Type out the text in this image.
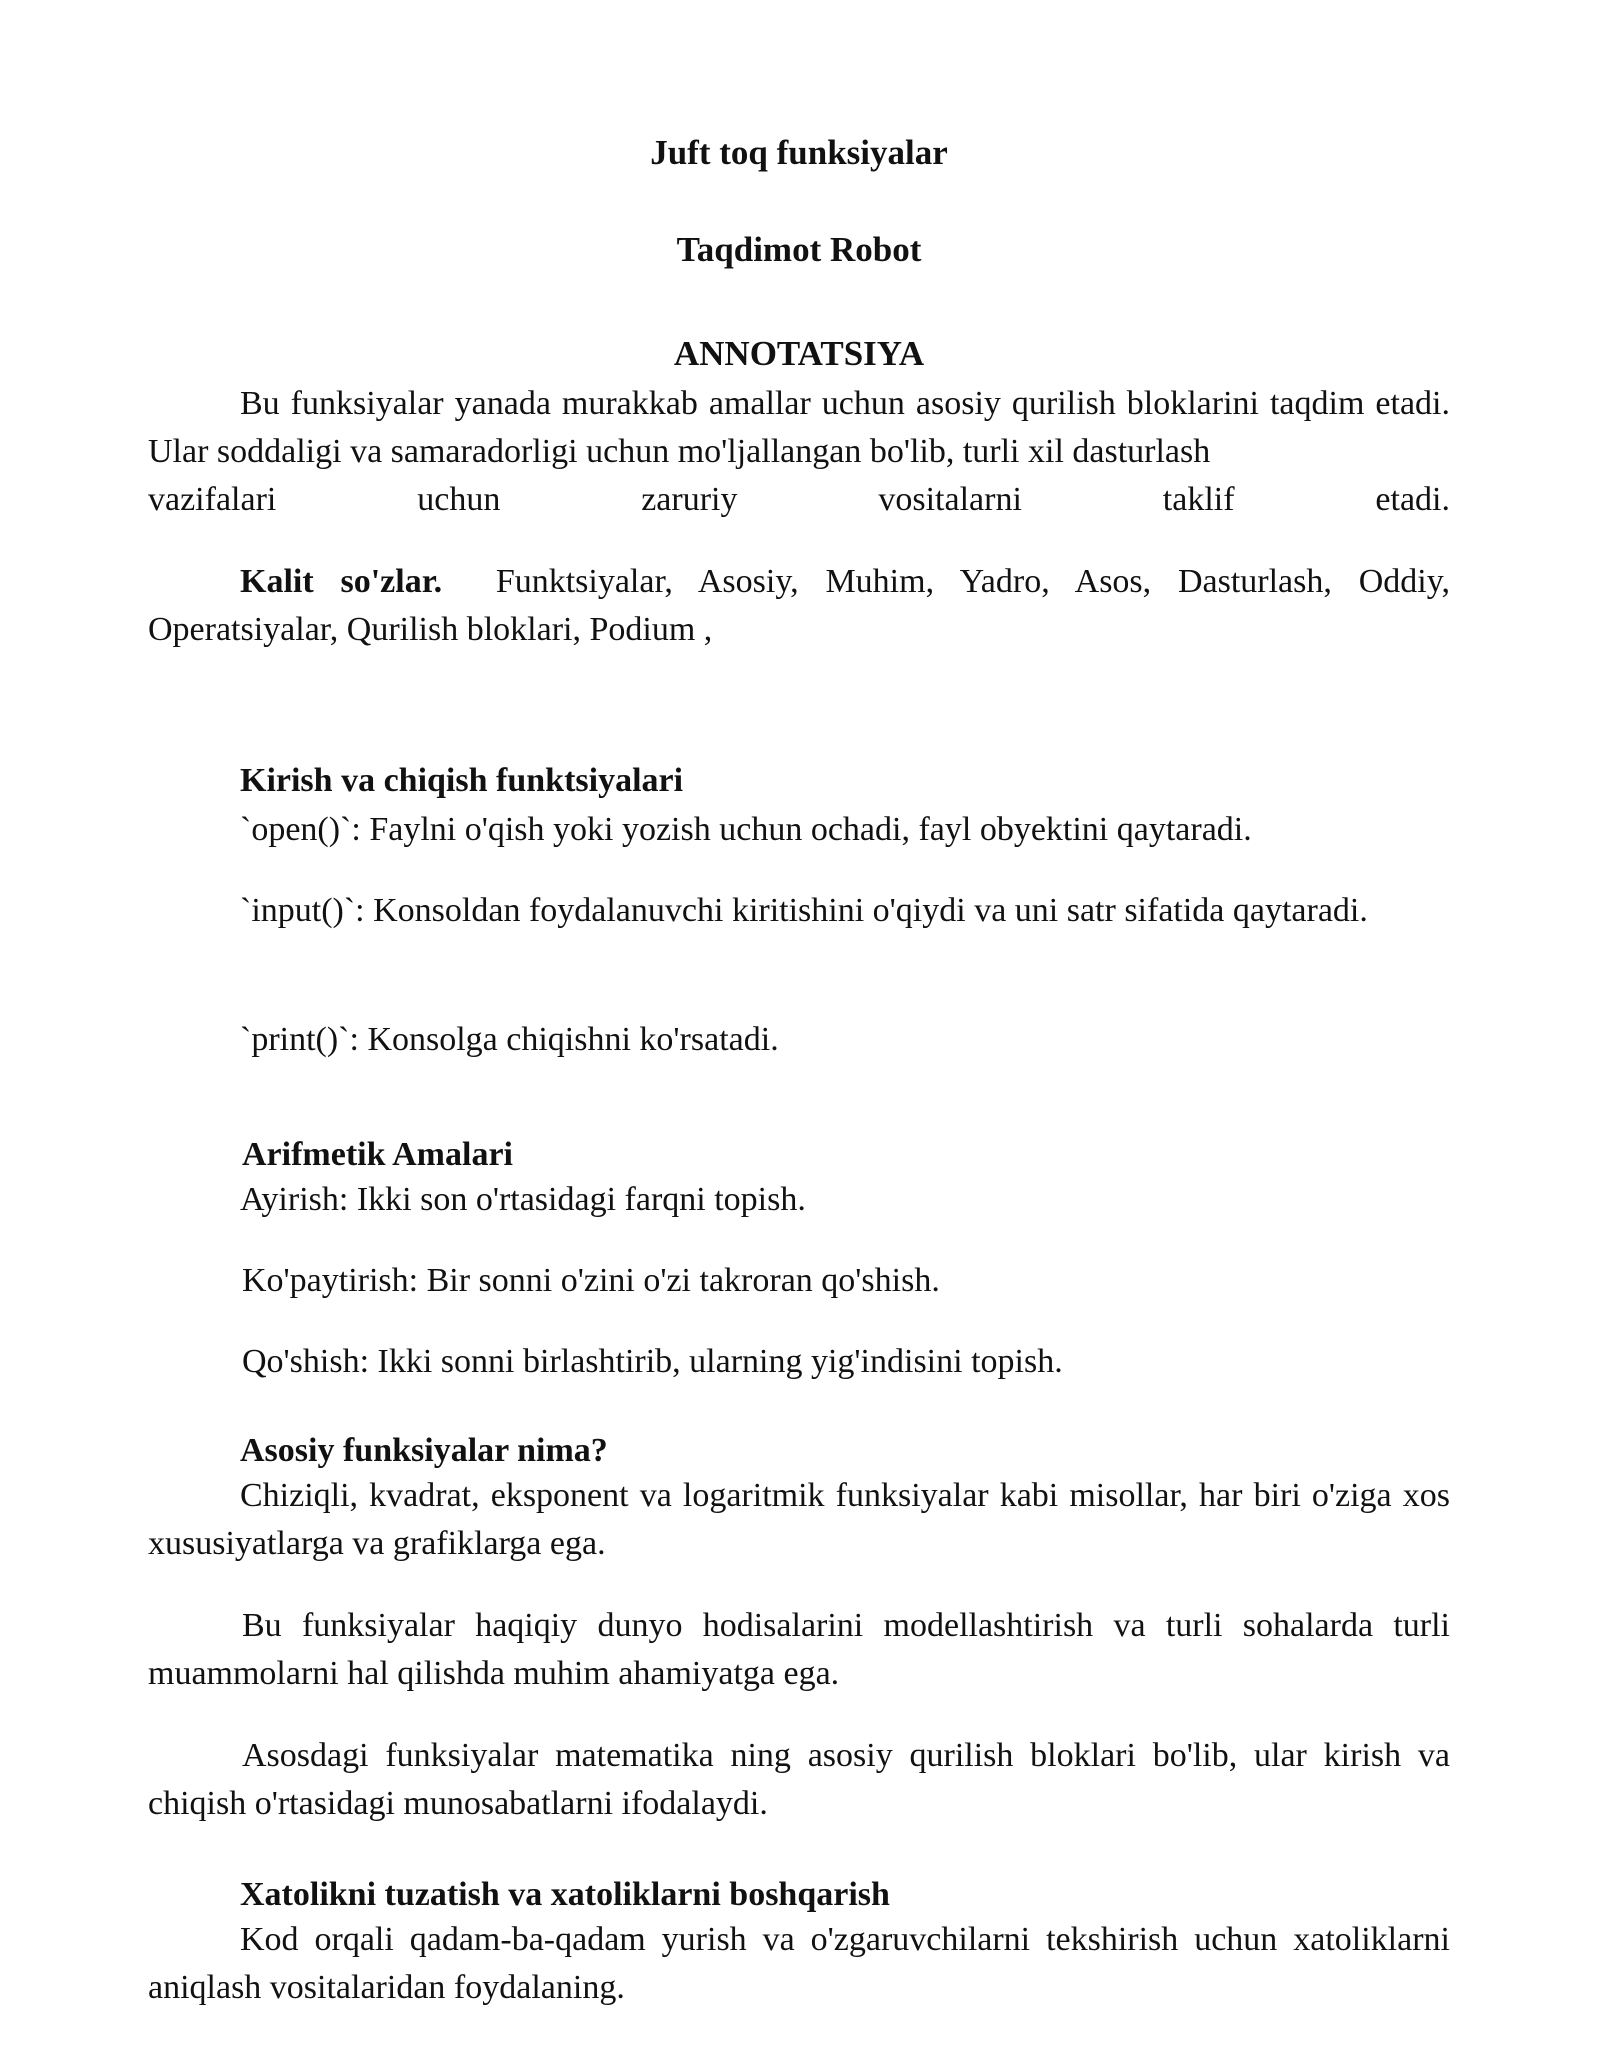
Juft toq funksiyalar
Taqdimot Robot
ANNOTATSIYA

Bu funksiyalar yanada murakkab amallar uchun asosiy qurilish bloklarini taqdim etadi. Ular soddaligi va samaradorligi uchun mo'ljallangan bo'lib, turli xil dasturlash

vazifalari uchun zaruriy vositalarni taklif etadi.

Kalit so'zlar. Funktsiyalar, Asosiy, Muhim, Yadro, Asos, Dasturlash, Oddiy, Operatsiyalar, Qurilish bloklari, Podium ,

Kirish va chiqish funktsiyalari

`open()`: Faylni o'qish yoki yozish uchun ochadi, fayl obyektini qaytaradi.

`input()`: Konsoldan foydalanuvchi kiritishini o'qiydi va uni satr sifatida qaytaradi.

`print()`: Konsolga chiqishni ko'rsatadi.

Arifmetik Amalari

Ayirish: Ikki son o'rtasidagi farqni topish.

Ko'paytirish: Bir sonni o'zini o'zi takroran qo'shish.

Qo'shish: Ikki sonni birlashtirib, ularning yig'indisini topish.

Asosiy funksiyalar nima?

Chiziqli, kvadrat, eksponent va logaritmik funksiyalar kabi misollar, har biri o'ziga xos xususiyatlarga va grafiklarga ega.

Bu funksiyalar haqiqiy dunyo hodisalarini modellashtirish va turli sohalarda turli muammolarni hal qilishda muhim ahamiyatga ega.

Asosdagi funksiyalar matematika ning asosiy qurilish bloklari bo'lib, ular kirish va chiqish o'rtasidagi munosabatlarni ifodalaydi.

Xatolikni tuzatish va xatoliklarni boshqarish

Kod orqali qadam-ba-qadam yurish va o'zgaruvchilarni tekshirish uchun xatoliklarni aniqlash vositalaridan foydalaning.
